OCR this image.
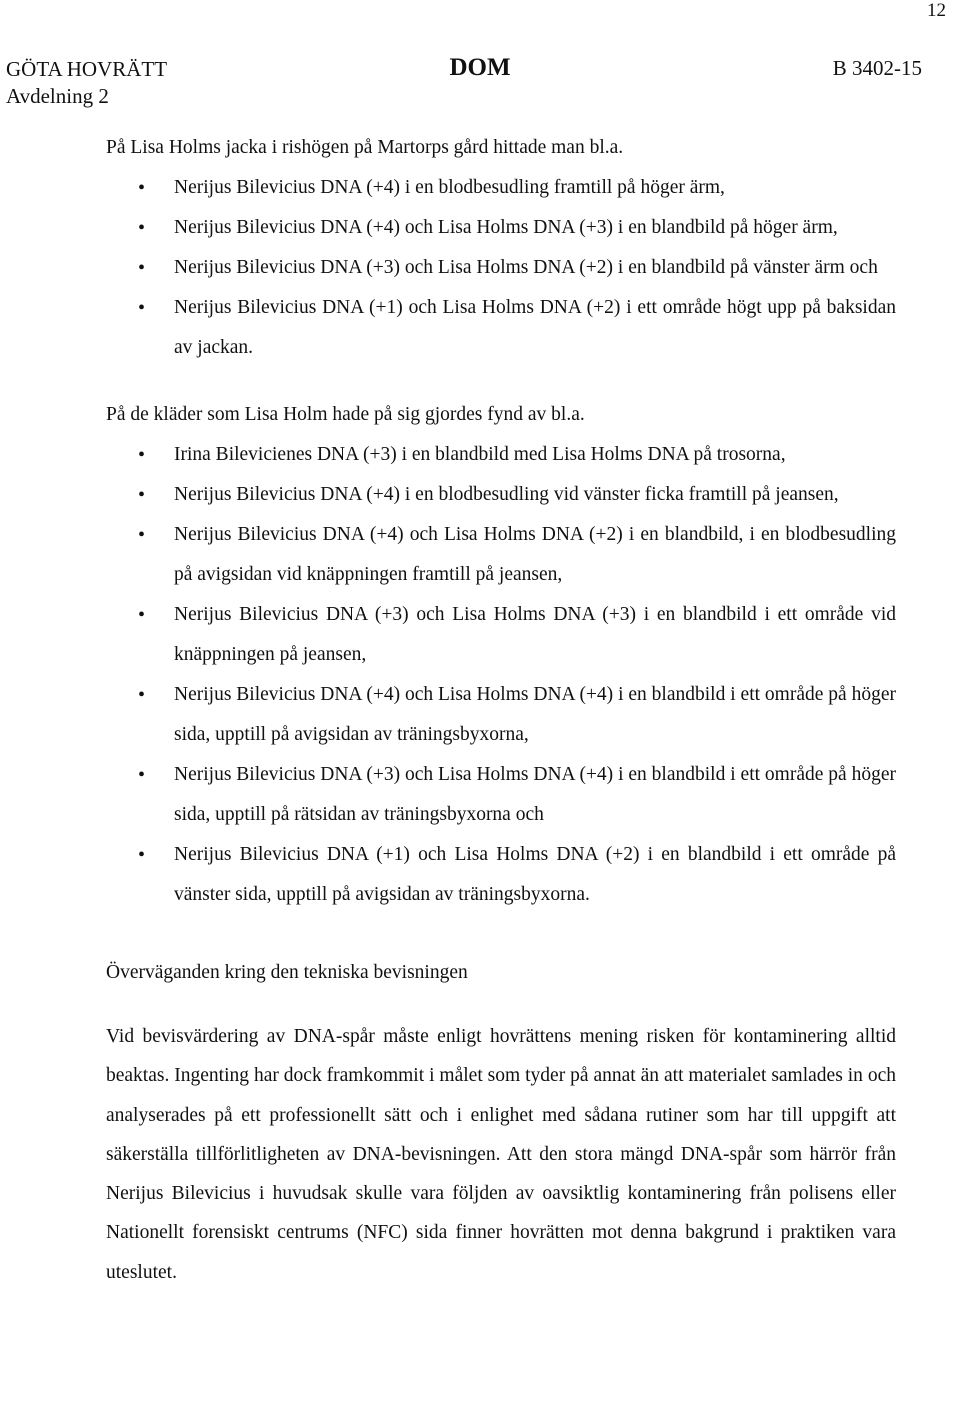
12
GÖTA HOVRÄTT
Avdelning 2
DOM	B 3402-15

På Lisa Holms jacka i rishögen på Martorps gård hittade man bl.a.

• Nerijus Bilevicius DNA (+4) i en blodbesudling framtill på höger ärm,
• Nerijus Bilevicius DNA (+4) och Lisa Holms DNA (+3) i en blandbild på höger ärm,
• Nerijus Bilevicius DNA (+3) och Lisa Holms DNA (+2) i en blandbild på vänster ärm och
• Nerijus Bilevicius DNA (+1) och Lisa Holms DNA (+2) i ett område högt upp på baksidan av jackan.

På de kläder som Lisa Holm hade på sig gjordes fynd av bl.a.

• Irina Bilevicienes DNA (+3) i en blandbild med Lisa Holms DNA på trosorna,
• Nerijus Bilevicius DNA (+4) i en blodbesudling vid vänster ficka framtill på jeansen,
• Nerijus Bilevicius DNA (+4) och Lisa Holms DNA (+2) i en blandbild, i en blodbesudling på avigsidan vid knäppningen framtill på jeansen,
• Nerijus Bilevicius DNA (+3) och Lisa Holms DNA (+3) i en blandbild i ett område vid knäppningen på jeansen,
• Nerijus Bilevicius DNA (+4) och Lisa Holms DNA (+4) i en blandbild i ett område på höger sida, upptill på avigsidan av träningsbyxorna,
• Nerijus Bilevicius DNA (+3) och Lisa Holms DNA (+4) i en blandbild i ett område på höger sida, upptill på rätsidan av träningsbyxorna och
• Nerijus Bilevicius DNA (+1) och Lisa Holms DNA (+2) i en blandbild i ett område på vänster sida, upptill på avigsidan av träningsbyxorna.
Överväganden kring den tekniska bevisningen

Vid bevisvärdering av DNA-spår måste enligt hovrättens mening risken för kontaminering alltid beaktas. Ingenting har dock framkommit i målet som tyder på annat än att materialet samlades in och analyserades på ett professionellt sätt och i enlighet med sådana rutiner som har till uppgift att säkerställa tillförlitligheten av DNA-bevisningen. Att den stora mängd DNA-spår som härrör från Nerijus Bilevicius i huvudsak skulle vara följden av oavsiktlig kontaminering från polisens eller Nationellt forensiskt centrums (NFC) sida finner hovrätten mot denna bakgrund i praktiken vara uteslutet.
